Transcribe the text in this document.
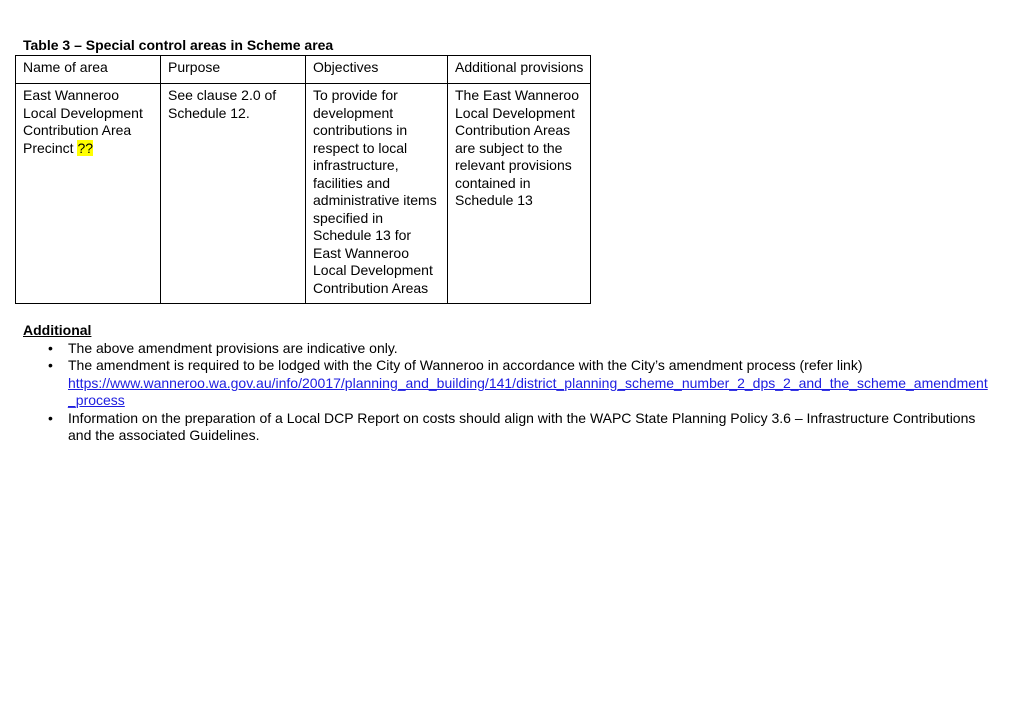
Table 3 – Special control areas in Scheme area
Name of area	Purpose	Objectives	Additional provisions
East Wanneroo Local Development Contribution Area Precinct ??	See clause 2.0 of Schedule 12.	To provide for development contributions in respect to local infrastructure, facilities and administrative items specified in Schedule 13 for East Wanneroo Local Development Contribution Areas	The East Wanneroo Local Development Contribution Areas are subject to the relevant provisions contained in Schedule 13
Additional
• The above amendment provisions are indicative only.
• The amendment is required to be lodged with the City of Wanneroo in accordance with the City’s amendment process (refer link)
https://www.wanneroo.wa.gov.au/info/20017/planning_and_building/141/district_planning_scheme_number_2_dps_2_and_the_scheme_amendment_process
• Information on the preparation of a Local DCP Report on costs should align with the WAPC State Planning Policy 3.6 – Infrastructure Contributions and the associated Guidelines.
